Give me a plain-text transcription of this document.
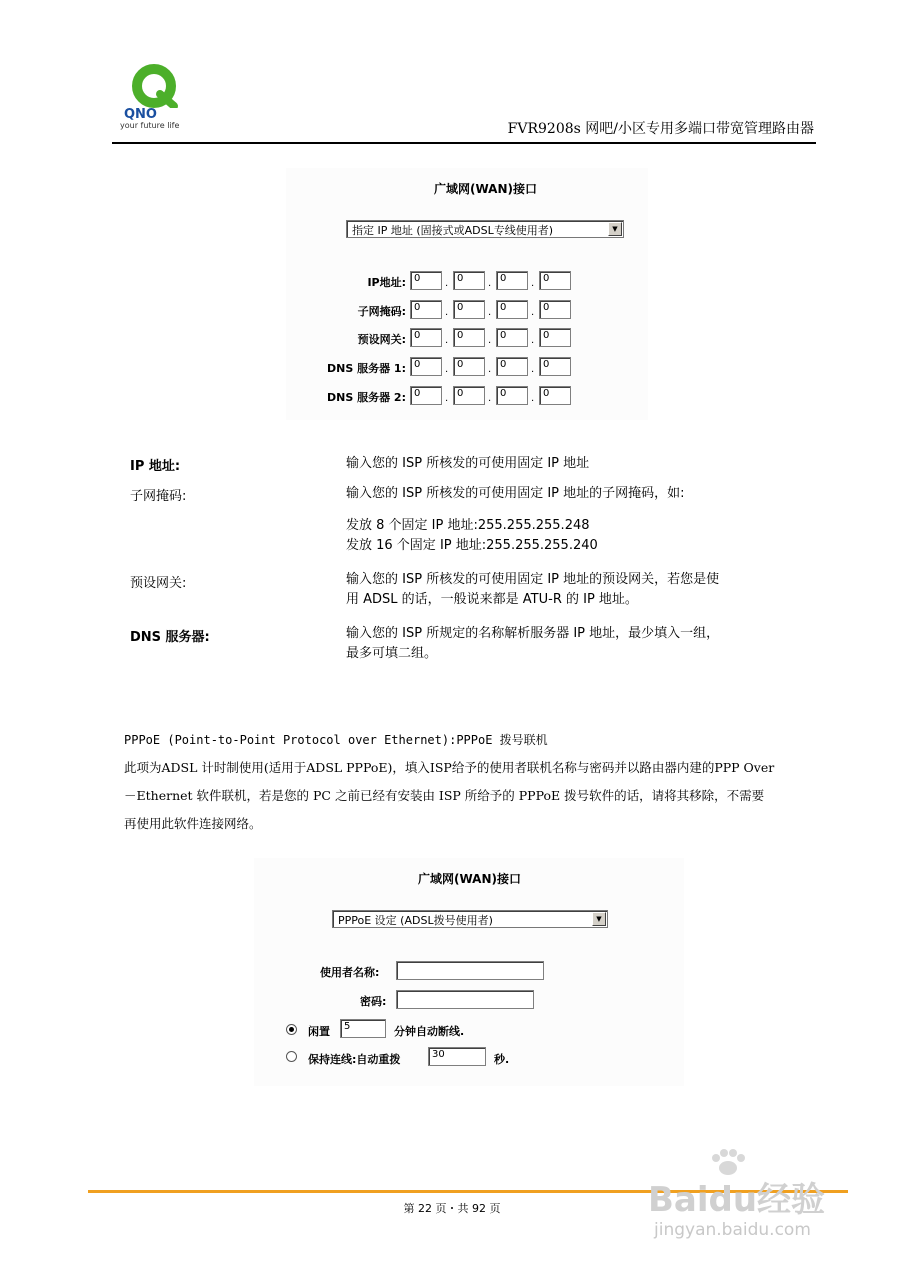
QNO
your future life	FVR9208s 网吧/小区专用多端口带宽管理路由器
广域网(WAN)接口
指定 IP 地址 (固接式或ADSL专线使用者)	▼
IP地址: 0	. 0	. 0	. 0
子网掩码: 0	. 0	. 0	. 0
预设网关: 0	. 0	. 0	. 0
DNS 服务器 1: 0	. 0	. 0	. 0
DNS 服务器 2: 0	. 0	. 0	. 0
IP 地址:	输入您的 ISP 所核发的可使用固定 IP 地址
子网掩码:	输入您的 ISP 所核发的可使用固定 IP 地址的子网掩码，如:
发放 8 个固定 IP 地址:255.255.255.248
发放 16 个固定 IP 地址:255.255.255.240
预设网关:	输入您的 ISP 所核发的可使用固定 IP 地址的预设网关，若您是使
用 ADSL 的话，一般说来都是 ATU-R 的 IP 地址。
DNS 服务器:	输入您的 ISP 所规定的名称解析服务器 IP 地址，最少填入一组，
最多可填二组。
PPPoE (Point-to-Point Protocol over Ethernet):PPPoE 拨号联机
此项为ADSL 计时制使用(适用于ADSL PPPoE)，填入ISP给予的使用者联机名称与密码并以路由器内建的PPP Over
－Ethernet 软件联机，若是您的 PC 之前已经有安装由 ISP 所给予的 PPPoE 拨号软件的话，请将其移除，不需要
再使用此软件连接网络。
广域网(WAN)接口
PPPoE 设定 (ADSL拨号使用者)	▼
使用者名称:
密码:
闲置	5	分钟自动断线.
保持连线:自动重拨	30	秒.
第 22 页・共 92 页	Baidu经验
jingyan.baidu.com
